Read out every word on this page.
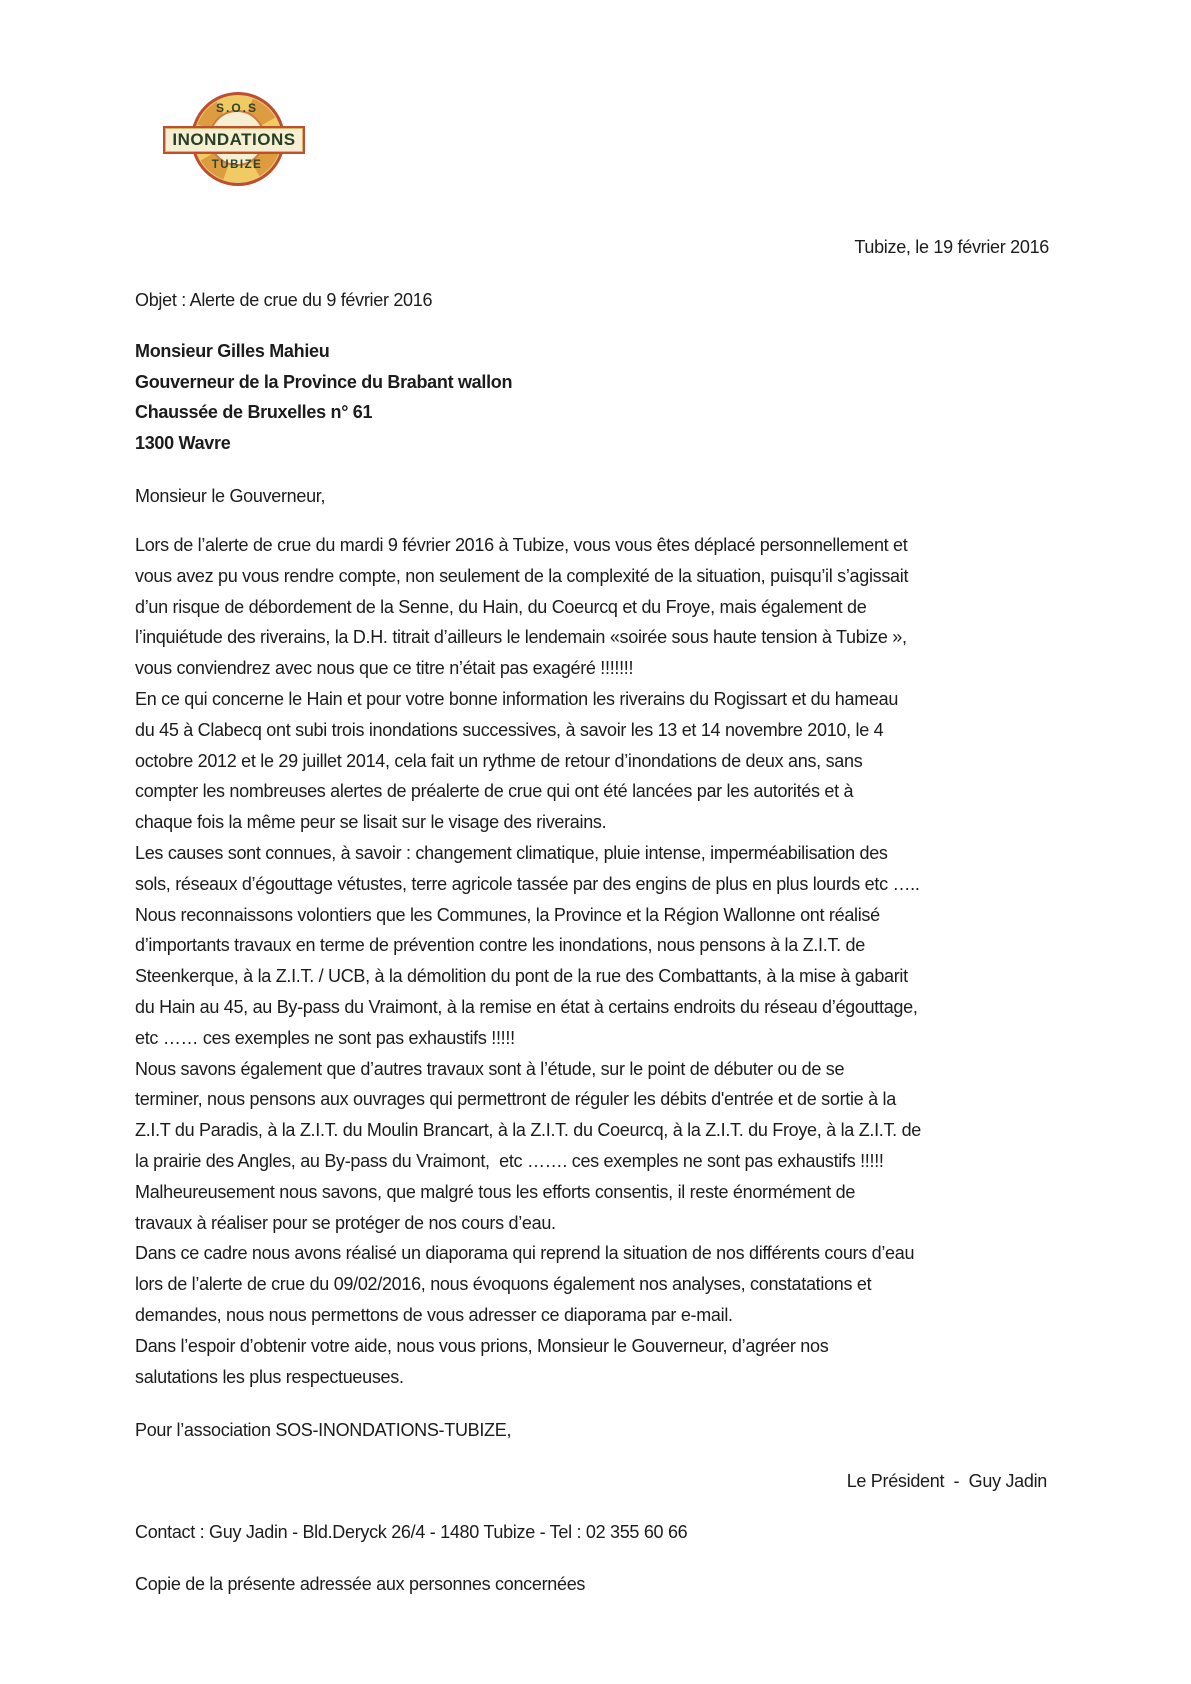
S.O.S
INONDATIONS
TUBIZE
Tubize, le 19 février 2016
Objet : Alerte de crue du 9 février 2016
Monsieur Gilles Mahieu
Gouverneur de la Province du Brabant wallon
Chaussée de Bruxelles n° 61
1300 Wavre
Monsieur le Gouverneur,
Lors de l’alerte de crue du mardi 9 février 2016 à Tubize, vous vous êtes déplacé personnellement et
vous avez pu vous rendre compte, non seulement de la complexité de la situation, puisqu’il s’agissait
d’un risque de débordement de la Senne, du Hain, du Coeurcq et du Froye, mais également de
l’inquiétude des riverains, la D.H. titrait d’ailleurs le lendemain «soirée sous haute tension à Tubize »,
vous conviendrez avec nous que ce titre n’était pas exagéré !!!!!!!
En ce qui concerne le Hain et pour votre bonne information les riverains du Rogissart et du hameau
du 45 à Clabecq ont subi trois inondations successives, à savoir les 13 et 14 novembre 2010, le 4
octobre 2012 et le 29 juillet 2014, cela fait un rythme de retour d’inondations de deux ans, sans
compter les nombreuses alertes de préalerte de crue qui ont été lancées par les autorités et à
chaque fois la même peur se lisait sur le visage des riverains.
Les causes sont connues, à savoir : changement climatique, pluie intense, imperméabilisation des
sols, réseaux d’égouttage vétustes, terre agricole tassée par des engins de plus en plus lourds etc …..
Nous reconnaissons volontiers que les Communes, la Province et la Région Wallonne ont réalisé
d’importants travaux en terme de prévention contre les inondations, nous pensons à la Z.I.T. de
Steenkerque, à la Z.I.T. / UCB, à la démolition du pont de la rue des Combattants, à la mise à gabarit
du Hain au 45, au By-pass du Vraimont, à la remise en état à certains endroits du réseau d’égouttage,
etc …… ces exemples ne sont pas exhaustifs !!!!!
Nous savons également que d’autres travaux sont à l’étude, sur le point de débuter ou de se
terminer, nous pensons aux ouvrages qui permettront de réguler les débits d'entrée et de sortie à la
Z.I.T du Paradis, à la Z.I.T. du Moulin Brancart, à la Z.I.T. du Coeurcq, à la Z.I.T. du Froye, à la Z.I.T. de
la prairie des Angles, au By-pass du Vraimont,  etc ……. ces exemples ne sont pas exhaustifs !!!!!
Malheureusement nous savons, que malgré tous les efforts consentis, il reste énormément de
travaux à réaliser pour se protéger de nos cours d’eau.
Dans ce cadre nous avons réalisé un diaporama qui reprend la situation de nos différents cours d’eau
lors de l’alerte de crue du 09/02/2016, nous évoquons également nos analyses, constatations et
demandes, nous nous permettons de vous adresser ce diaporama par e-mail.
Dans l’espoir d’obtenir votre aide, nous vous prions, Monsieur le Gouverneur, d’agréer nos
salutations les plus respectueuses.
Pour l’association SOS-INONDATIONS-TUBIZE,
Le Président  -  Guy Jadin
Contact : Guy Jadin - Bld.Deryck 26/4 - 1480 Tubize - Tel : 02 355 60 66
Copie de la présente adressée aux personnes concernées
